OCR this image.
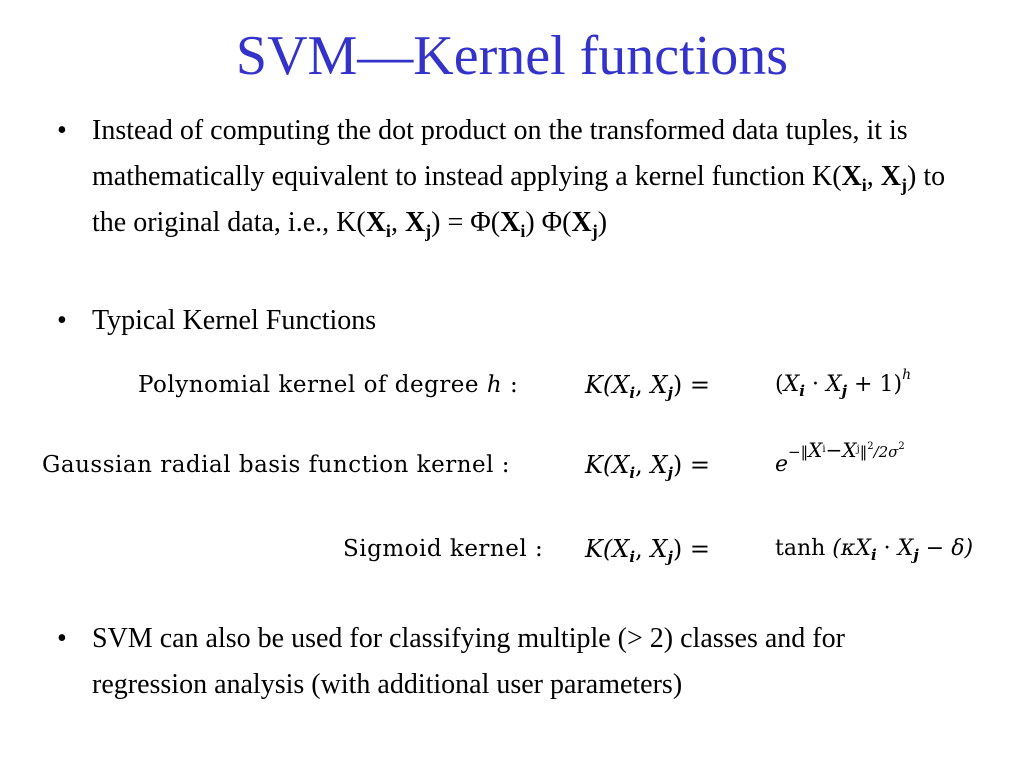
SVM—Kernel functions
• Instead of computing the dot product on the transformed data tuples, it is mathematically equivalent to instead applying a kernel function $K(X_i$, $X_j$) to the original data, i.e., $K(X_i$, $X_j) = \Phi(X_i)$ $\Phi(X_j)$
• Typical Kernel Functions
• SVM can also be used for classifying multiple (> 2) classes and for regression analysis (with additional user parameters)
Polynomial kernel of degree h :	$K(X_i$, $X_j$) =	$(X_i \cdot X_j + 1)^h$
Gaussian radial basis function kernel :	$K(X_i$, $X_j$) =	$e^{-‖X^i-X^j‖^2/2\sigma^2}$
Sigmoid kernel : $K(X_i$, $X_j$) =	$\tanh (\kappa X_i \cdot X_j - \delta)$
